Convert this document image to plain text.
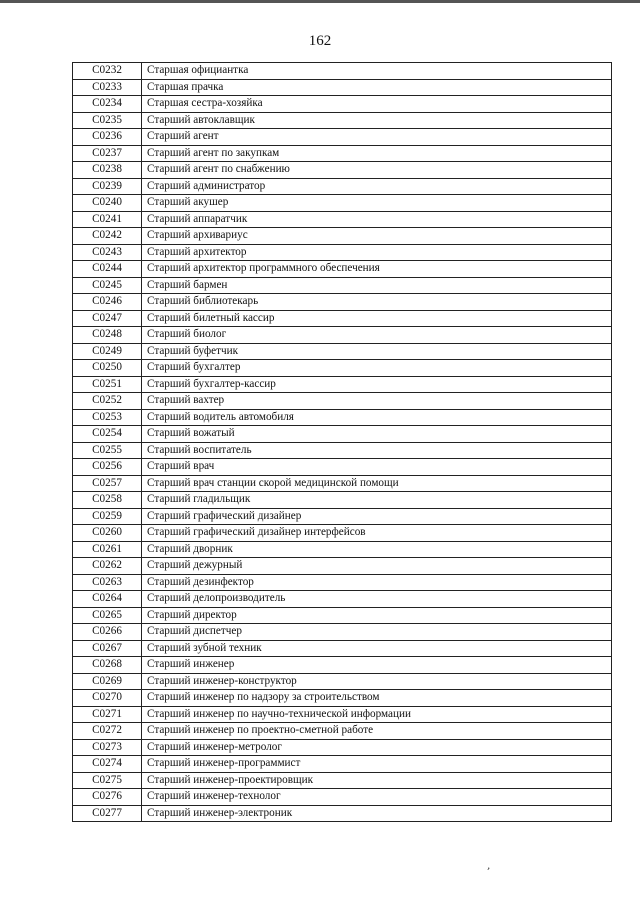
162
C0232	Старшая официантка
C0233	Старшая прачка
C0234	Старшая сестра-хозяйка
C0235	Старший автоклавщик
C0236	Старший агент
C0237	Старший агент по закупкам
C0238	Старший агент по снабжению
C0239	Старший администратор
C0240	Старший акушер
C0241	Старший аппаратчик
C0242	Старший архивариус
C0243	Старший архитектор
C0244	Старший архитектор программного обеспечения
C0245	Старший бармен
C0246	Старший библиотекарь
C0247	Старший билетный кассир
C0248	Старший биолог
C0249	Старший буфетчик
C0250	Старший бухгалтер
C0251	Старший бухгалтер-кассир
C0252	Старший вахтер
C0253	Старший водитель автомобиля
C0254	Старший вожатый
C0255	Старший воспитатель
C0256	Старший врач
C0257	Старший врач станции скорой медицинской помощи
C0258	Старший гладильщик
C0259	Старший графический дизайнер
C0260	Старший графический дизайнер интерфейсов
C0261	Старший дворник
C0262	Старший дежурный
C0263	Старший дезинфектор
C0264	Старший делопроизводитель
C0265	Старший директор
C0266	Старший диспетчер
C0267	Старший зубной техник
C0268	Старший инженер
C0269	Старший инженер-конструктор
C0270	Старший инженер по надзору за строительством
C0271	Старший инженер по научно-технической информации
C0272	Старший инженер по проектно-сметной работе
C0273	Старший инженер-метролог
C0274	Старший инженер-программист
C0275	Старший инженер-проектировщик
C0276	Старший инженер-технолог
C0277	Старший инженер-электроник
ʼ
